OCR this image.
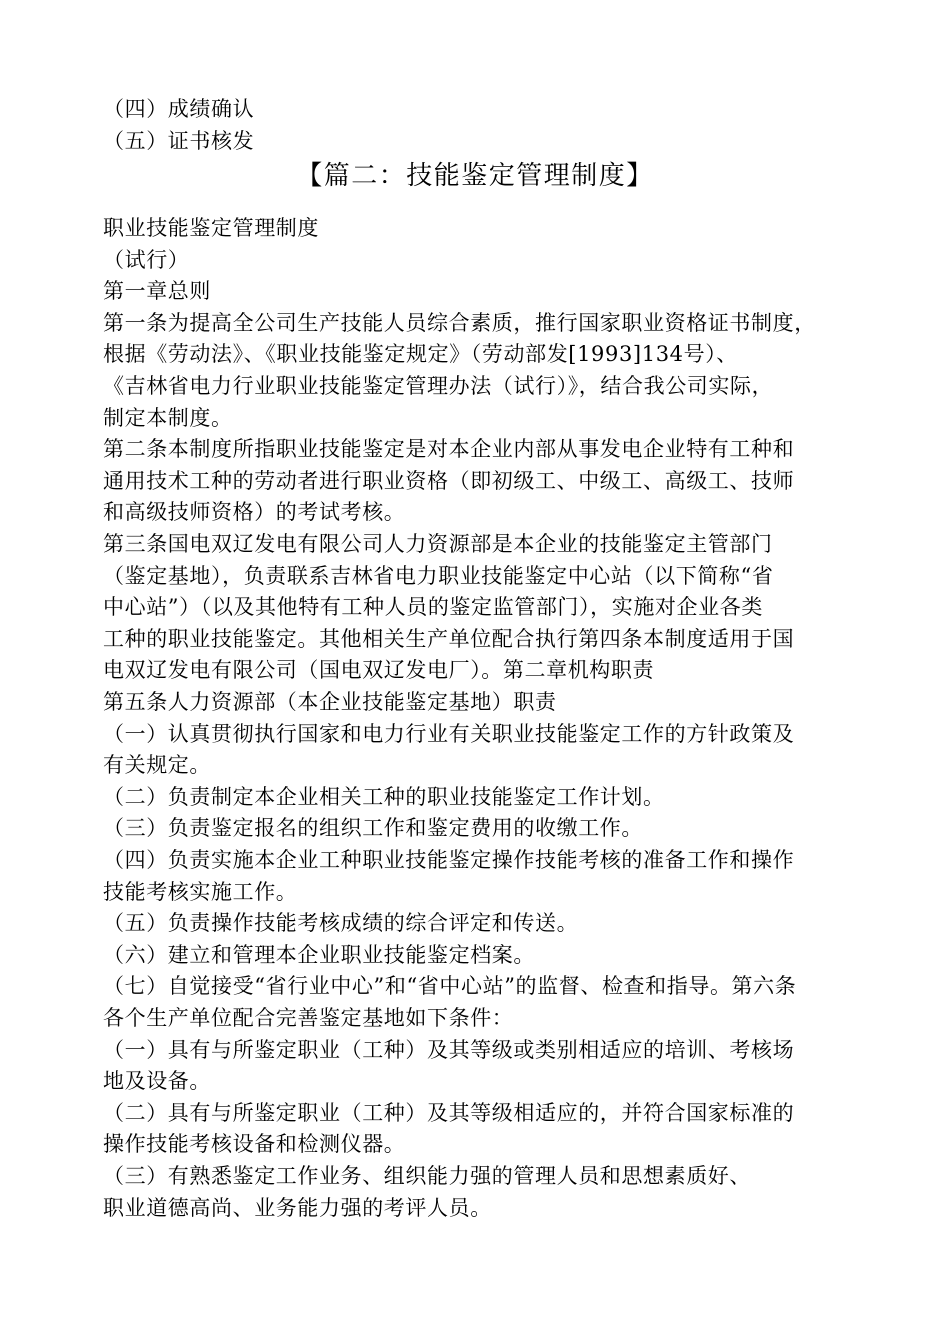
（四）成绩确认
（五）证书核发
【篇二：技能鉴定管理制度】
职业技能鉴定管理制度
（试行）
第一章总则
第一条为提高全公司生产技能人员综合素质，推行国家职业资格证书制度，
根据《劳动法》、《职业技能鉴定规定》（劳动部发[1993]134号）、
《吉林省电力行业职业技能鉴定管理办法（试行）》，结合我公司实际，
制定本制度。
第二条本制度所指职业技能鉴定是对本企业内部从事发电企业特有工种和
通用技术工种的劳动者进行职业资格（即初级工、中级工、高级工、技师
和高级技师资格）的考试考核。
第三条国电双辽发电有限公司人力资源部是本企业的技能鉴定主管部门
（鉴定基地），负责联系吉林省电力职业技能鉴定中心站（以下简称“省
中心站”）（以及其他特有工种人员的鉴定监管部门），实施对企业各类
工种的职业技能鉴定。其他相关生产单位配合执行第四条本制度适用于国
电双辽发电有限公司（国电双辽发电厂）。第二章机构职责
第五条人力资源部（本企业技能鉴定基地）职责
（一）认真贯彻执行国家和电力行业有关职业技能鉴定工作的方针政策及
有关规定。
（二）负责制定本企业相关工种的职业技能鉴定工作计划。
（三）负责鉴定报名的组织工作和鉴定费用的收缴工作。
（四）负责实施本企业工种职业技能鉴定操作技能考核的准备工作和操作
技能考核实施工作。
（五）负责操作技能考核成绩的综合评定和传送。
（六）建立和管理本企业职业技能鉴定档案。
（七）自觉接受“省行业中心”和“省中心站”的监督、检查和指导。第六条
各个生产单位配合完善鉴定基地如下条件：
（一）具有与所鉴定职业（工种）及其等级或类别相适应的培训、考核场
地及设备。
（二）具有与所鉴定职业（工种）及其等级相适应的，并符合国家标准的
操作技能考核设备和检测仪器。
（三）有熟悉鉴定工作业务、组织能力强的管理人员和思想素质好、
职业道德高尚、业务能力强的考评人员。
